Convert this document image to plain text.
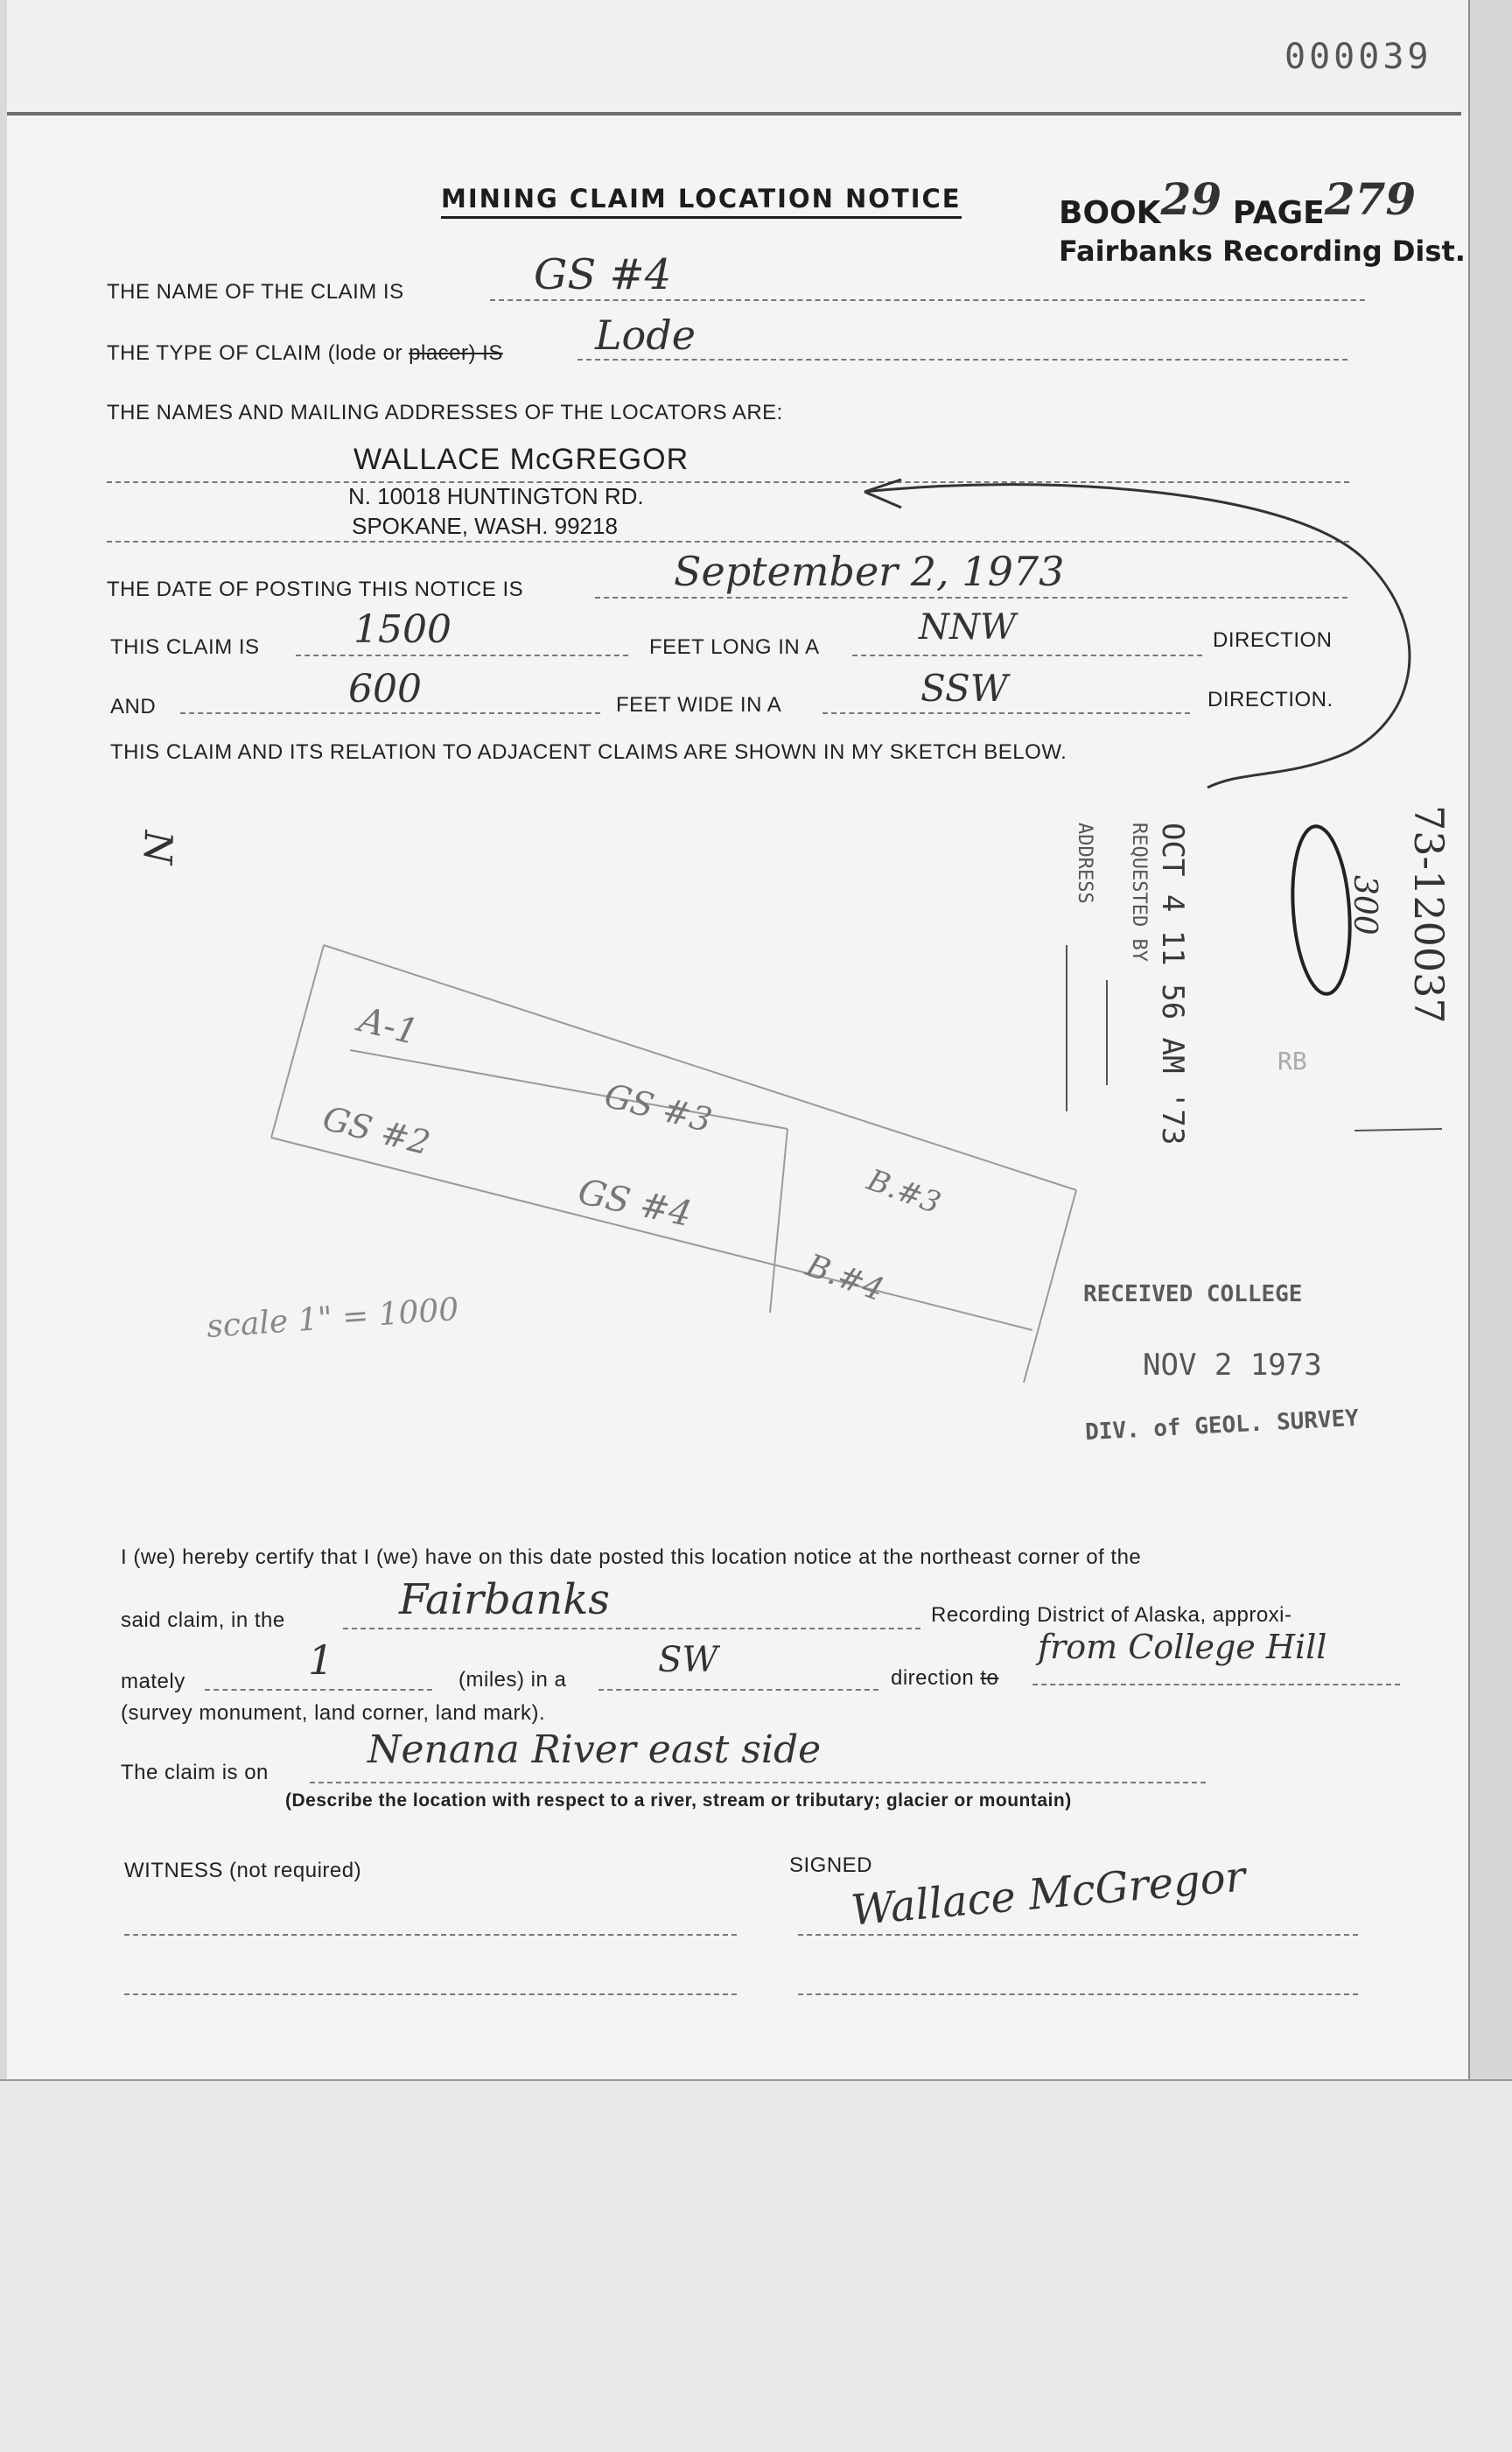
000039
MINING CLAIM LOCATION NOTICE	BOOK29 PAGE279
Fairbanks Recording Dist.
THE NAME OF THE CLAIM IS	GS #4
THE TYPE OF CLAIM (lode or placer) IS Lode
THE NAMES AND MAILING ADDRESSES OF THE LOCATORS ARE:
WALLACE McGREGOR
N. 10018 HUNTINGTON RD.
SPOKANE, WASH. 99218
THE DATE OF POSTING THIS NOTICE IS	September 2, 1973
THIS CLAIM IS 1500	FEET LONG IN A	NNW	DIRECTION
AND	600	FEET WIDE IN A	SSW	DIRECTION.
THIS CLAIM AND ITS RELATION TO ADJACENT CLAIMS ARE SHOWN IN MY SKETCH BELOW.
N
A-1
GS #3
GS #2
GS #4	B.#3
B.#4
scale 1" = 1000
OCT 4 11 56 AM '73
REQUESTED BY
ADDRESS	73-120037
300
RB
RECEIVED COLLEGE
NOV 2 1973
DIV. of GEOL. SURVEY
I (we) hereby certify that I (we) have on this date posted this location notice at the northeast corner of the
said claim, in the	Fairbanks	Recording District of Alaska, approxi-
mately	1	(miles) in a	SW	direction to
from College Hill
(survey monument, land corner, land mark).
The claim is on
Nenana River east side
(Describe the location with respect to a river, stream or tributary; glacier or mountain)
WITNESS (not required)	SIGNED
Wallace McGregor
